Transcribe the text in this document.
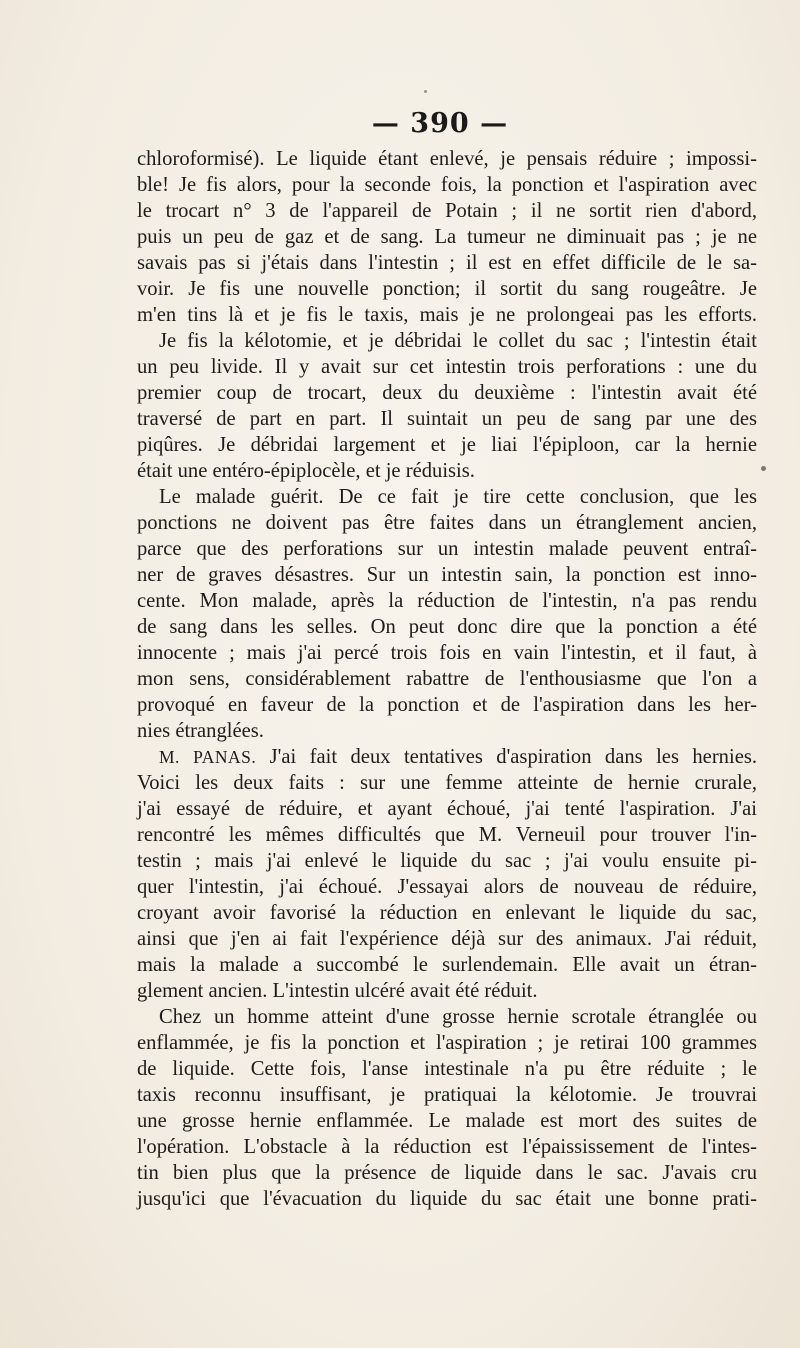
— 390 —
chloroformisé). Le liquide étant enlevé, je pensais réduire ; impossi-
ble! Je fis alors, pour la seconde fois, la ponction et l'aspiration avec
le trocart n° 3 de l'appareil de Potain ; il ne sortit rien d'abord,
puis un peu de gaz et de sang. La tumeur ne diminuait pas ; je ne
savais pas si j'étais dans l'intestin ; il est en effet difficile de le sa-
voir. Je fis une nouvelle ponction; il sortit du sang rougeâtre. Je
m'en tins là et je fis le taxis, mais je ne prolongeai pas les efforts.
Je fis la kélotomie, et je débridai le collet du sac ; l'intestin était
un peu livide. Il y avait sur cet intestin trois perforations : une du
premier coup de trocart, deux du deuxième : l'intestin avait été
traversé de part en part. Il suintait un peu de sang par une des
piqûres. Je débridai largement et je liai l'épiploon, car la hernie
était une entéro-épiplocèle, et je réduisis.
Le malade guérit. De ce fait je tire cette conclusion, que les
ponctions ne doivent pas être faites dans un étranglement ancien,
parce que des perforations sur un intestin malade peuvent entraî-
ner de graves désastres. Sur un intestin sain, la ponction est inno-
cente. Mon malade, après la réduction de l'intestin, n'a pas rendu
de sang dans les selles. On peut donc dire que la ponction a été
innocente ; mais j'ai percé trois fois en vain l'intestin, et il faut, à
mon sens, considérablement rabattre de l'enthousiasme que l'on a
provoqué en faveur de la ponction et de l'aspiration dans les her-
nies étranglées.
M. PANAS. J'ai fait deux tentatives d'aspiration dans les hernies.
Voici les deux faits : sur une femme atteinte de hernie crurale,
j'ai essayé de réduire, et ayant échoué, j'ai tenté l'aspiration. J'ai
rencontré les mêmes difficultés que M. Verneuil pour trouver l'in-
testin ; mais j'ai enlevé le liquide du sac ; j'ai voulu ensuite pi-
quer l'intestin, j'ai échoué. J'essayai alors de nouveau de réduire,
croyant avoir favorisé la réduction en enlevant le liquide du sac,
ainsi que j'en ai fait l'expérience déjà sur des animaux. J'ai réduit,
mais la malade a succombé le surlendemain. Elle avait un étran-
glement ancien. L'intestin ulcéré avait été réduit.
Chez un homme atteint d'une grosse hernie scrotale étranglée ou
enflammée, je fis la ponction et l'aspiration ; je retirai 100 grammes
de liquide. Cette fois, l'anse intestinale n'a pu être réduite ; le
taxis reconnu insuffisant, je pratiquai la kélotomie. Je trouvrai
une grosse hernie enflammée. Le malade est mort des suites de
l'opération. L'obstacle à la réduction est l'épaississement de l'intes-
tin bien plus que la présence de liquide dans le sac. J'avais cru
jusqu'ici que l'évacuation du liquide du sac était une bonne prati-
